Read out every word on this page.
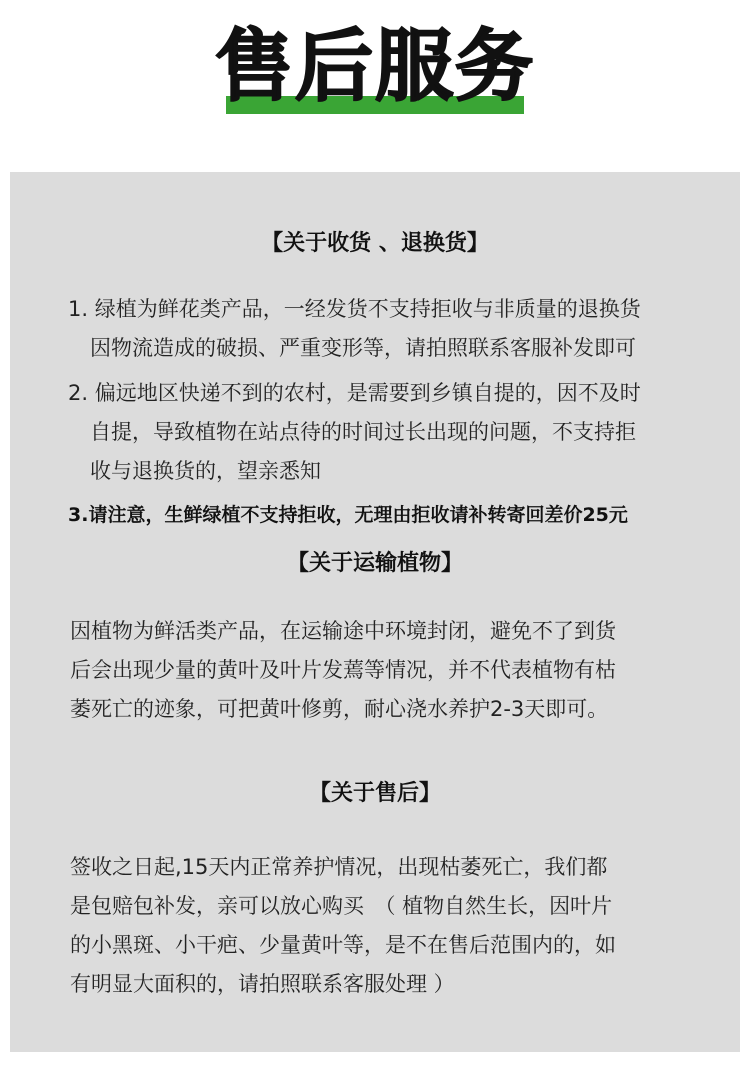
售后服务
【关于收货 、退换货】
1. 绿植为鲜花类产品，一经发货不支持拒收与非质量的退换货
因物流造成的破损、严重变形等，请拍照联系客服补发即可
2. 偏远地区快递不到的农村，是需要到乡镇自提的，因不及时
自提，导致植物在站点待的时间过长出现的问题，不支持拒
收与退换货的，望亲悉知
3.请注意，生鲜绿植不支持拒收，无理由拒收请补转寄回差价25元
【关于运输植物】
因植物为鲜活类产品，在运输途中环境封闭，避免不了到货
后会出现少量的黄叶及叶片发蔫等情况，并不代表植物有枯
萎死亡的迹象，可把黄叶修剪，耐心浇水养护2-3天即可。
【关于售后】
签收之日起,15天内正常养护情况，出现枯萎死亡，我们都
是包赔包补发，亲可以放心购买　（ 植物自然生长，因叶片
的小黑斑、小干疤、少量黄叶等，是不在售后范围内的，如
有明显大面积的，请拍照联系客服处理 ）
